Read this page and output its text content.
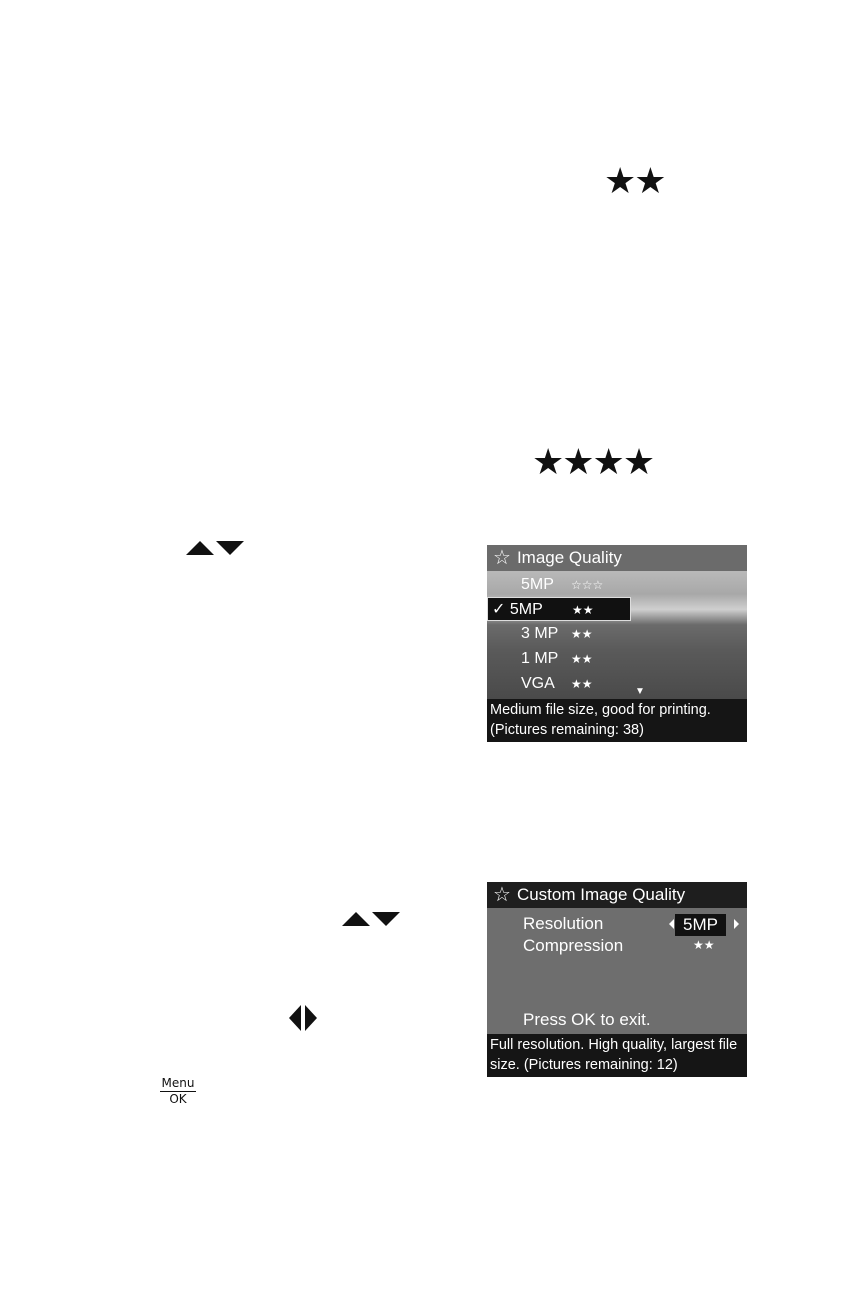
★★
★★★★
☆ Image Quality
5MP	☆☆☆
✓ 5MP	★★
3 MP	★★
1 MP	★★
VGA	★★
▼
Medium file size, good for printing.
(Pictures remaining: 38)
☆ Custom Image Quality
Resolution	5MP
Compression	★★
Press OK to exit.
Full resolution. High quality, largest file
size. (Pictures remaining: 12)
Menu
OK
